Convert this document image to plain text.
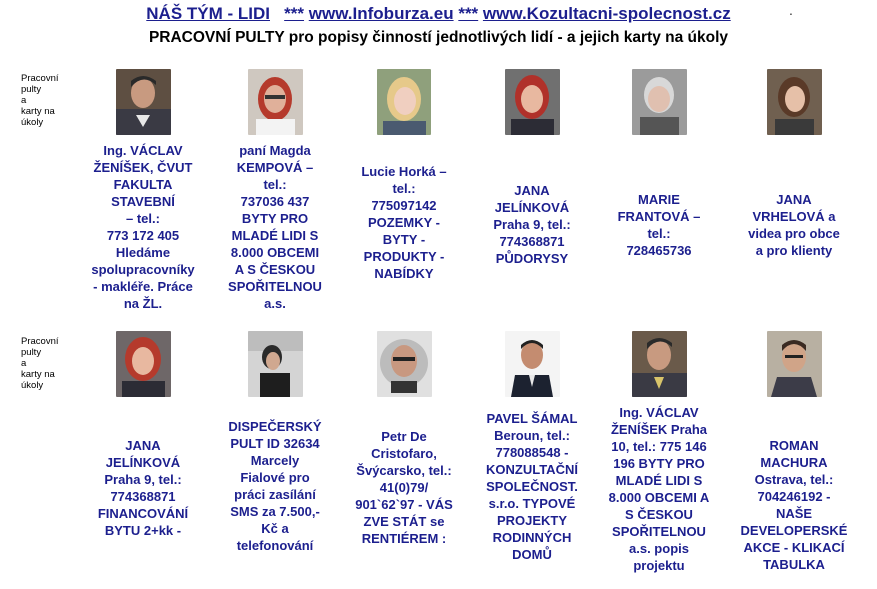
NÁŠ TÝM - LIDI *** www.Infoburza.eu *** www.Kozultacni-spolecnost.cz	.
PRACOVNÍ PULTY pro popisy činností jednotlivých lidí - a jejich karty na úkoly
Pracovní
pulty
a
karty na
úkoly
Pracovní
pulty
a
karty na
úkoly
Ing. VÁCLAV
ŽENÍŠEK, ČVUT
FAKULTA
STAVEBNÍ
– tel.:
773 172 405
Hledáme
spolupracovníky
- makléře. Práce
na ŽL.
paní Magda
KEMPOVÁ –
tel.:
737036 437
BYTY PRO
MLADÉ LIDI S
8.000 OBCEMI
A S ČESKOU
SPOŘITELNOU
a.s.
Lucie Horká –
tel.:
775097142
POZEMKY -
BYTY -
PRODUKTY -
NABÍDKY
JANA
JELÍNKOVÁ
Praha 9, tel.:
774368871
PŮDORYSY
MARIE
FRANTOVÁ –
tel.:
728465736
JANA
VRHELOVÁ a
videa pro obce
a pro klienty
JANA
JELÍNKOVÁ
Praha 9, tel.:
774368871
FINANCOVÁNÍ
BYTU 2+kk -
DISPEČERSKÝ
PULT ID 32634
Marcely
Fialové pro
práci zasílání
SMS za 7.500,-
Kč a
telefonování
Petr De
Cristofaro,
Švýcarsko, tel.:
41(0)79/
901`62`97 - VÁS
ZVE STÁT se
RENTIÉREM :
PAVEL ŠÁMAL
Beroun, tel.:
778088548 -
KONZULTAČNÍ
SPOLEČNOST.
s.r.o. TYPOVÉ
PROJEKTY
RODINNÝCH
DOMŮ
Ing. VÁCLAV
ŽENÍŠEK Praha
10, tel.: 775 146
196 BYTY PRO
MLADÉ LIDI S
8.000 OBCEMI A
S ČESKOU
SPOŘITELNOU
a.s. popis
projektu
ROMAN
MACHURA
Ostrava, tel.:
704246192 -
NAŠE
DEVELOPERSKÉ
AKCE - KLIKACÍ
TABULKA
